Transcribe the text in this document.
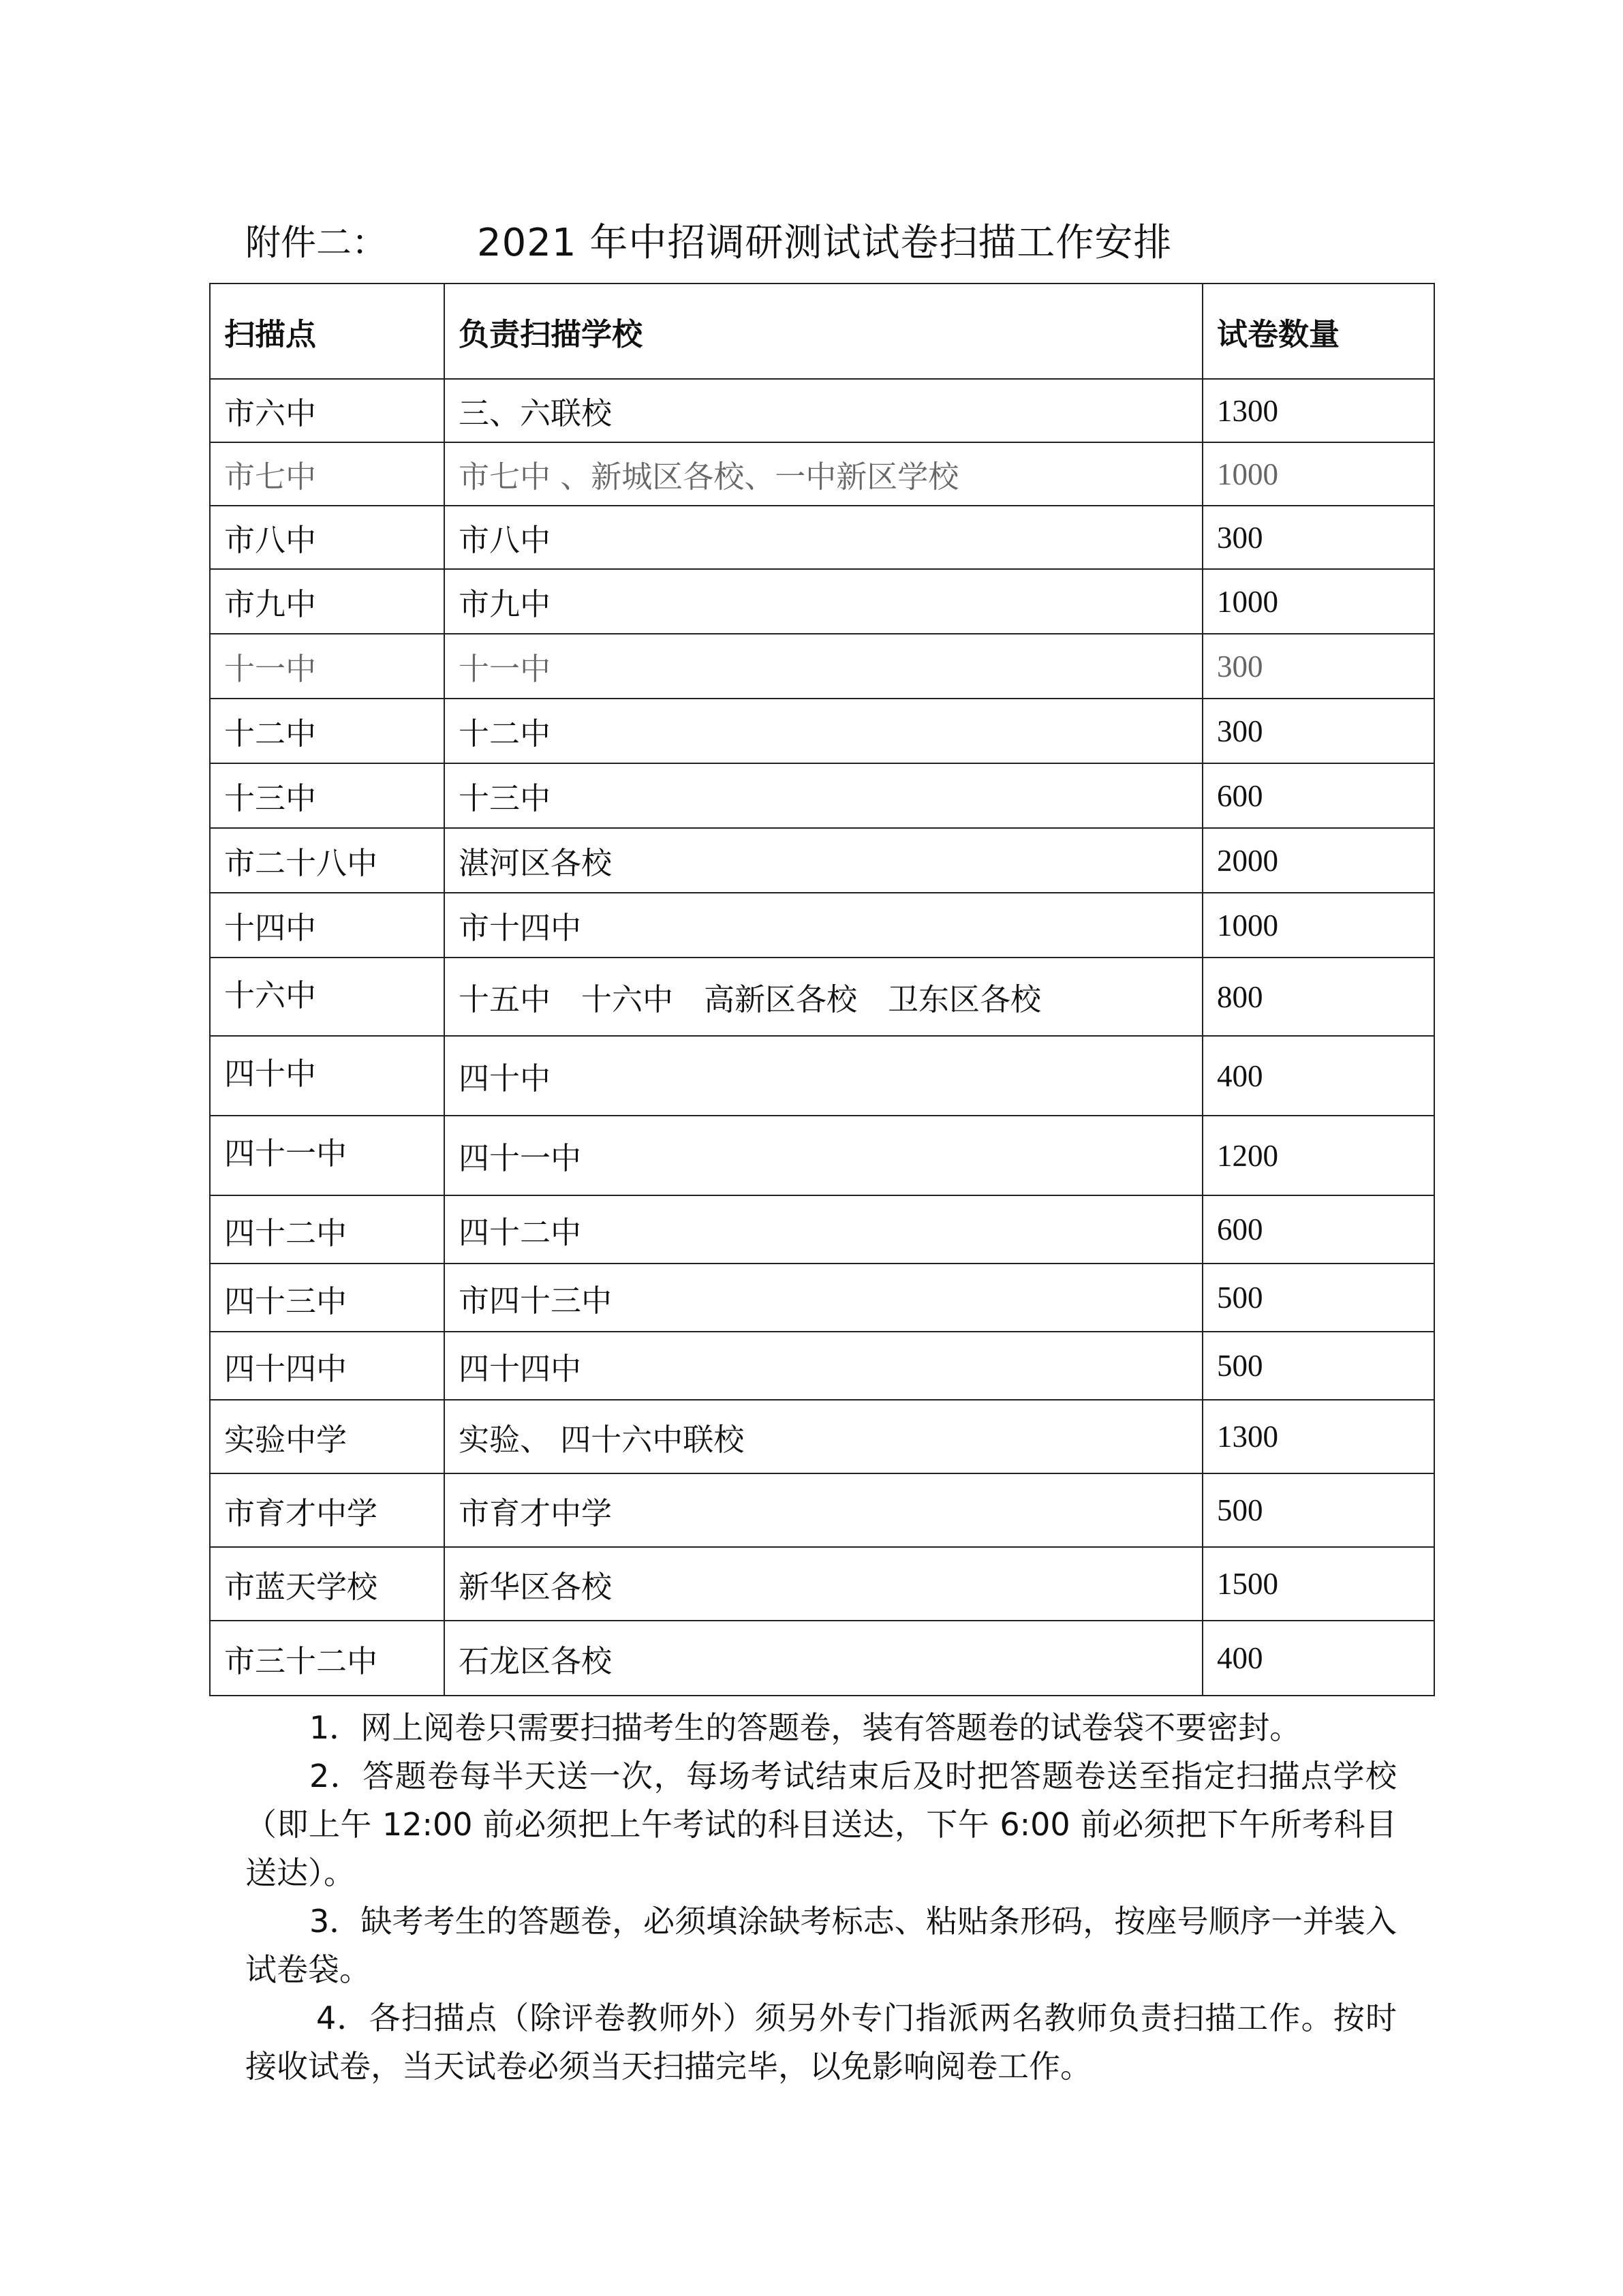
附件二： 2021 年中招调研测试试卷扫描工作安排
扫描点	负责扫描学校	试卷数量
市六中	三、六联校	1300
市七中	市七中 、新城区各校、一中新区学校	1000
市八中	市八中	300
市九中	市九中	1000
十一中	十一中	300
十二中	十二中	300
十三中	十三中	600
市二十八中	湛河区各校	2000
十四中	市十四中	1000
十六中	十五中　十六中　高新区各校　卫东区各校	800
四十中	四十中	400
四十一中	四十一中	1200
四十二中	四十二中	600
四十三中	市四十三中	500
四十四中	四十四中	500
实验中学	实验、 四十六中联校	1300
市育才中学	市育才中学	500
市蓝天学校	新华区各校	1500
市三十二中	石龙区各校	400

1．网上阅卷只需要扫描考生的答题卷，装有答题卷的试卷袋不要密封。

2．答题卷每半天送一次，每场考试结束后及时把答题卷送至指定扫描点学校（即上午 12:00 前必须把上午考试的科目送达，下午 6:00 前必须把下午所考科目送达）。

3．缺考考生的答题卷，必须填涂缺考标志、粘贴条形码，按座号顺序一并装入试卷袋。

4．各扫描点（除评卷教师外）须另外专门指派两名教师负责扫描工作。按时接收试卷，当天试卷必须当天扫描完毕，以免影响阅卷工作。
